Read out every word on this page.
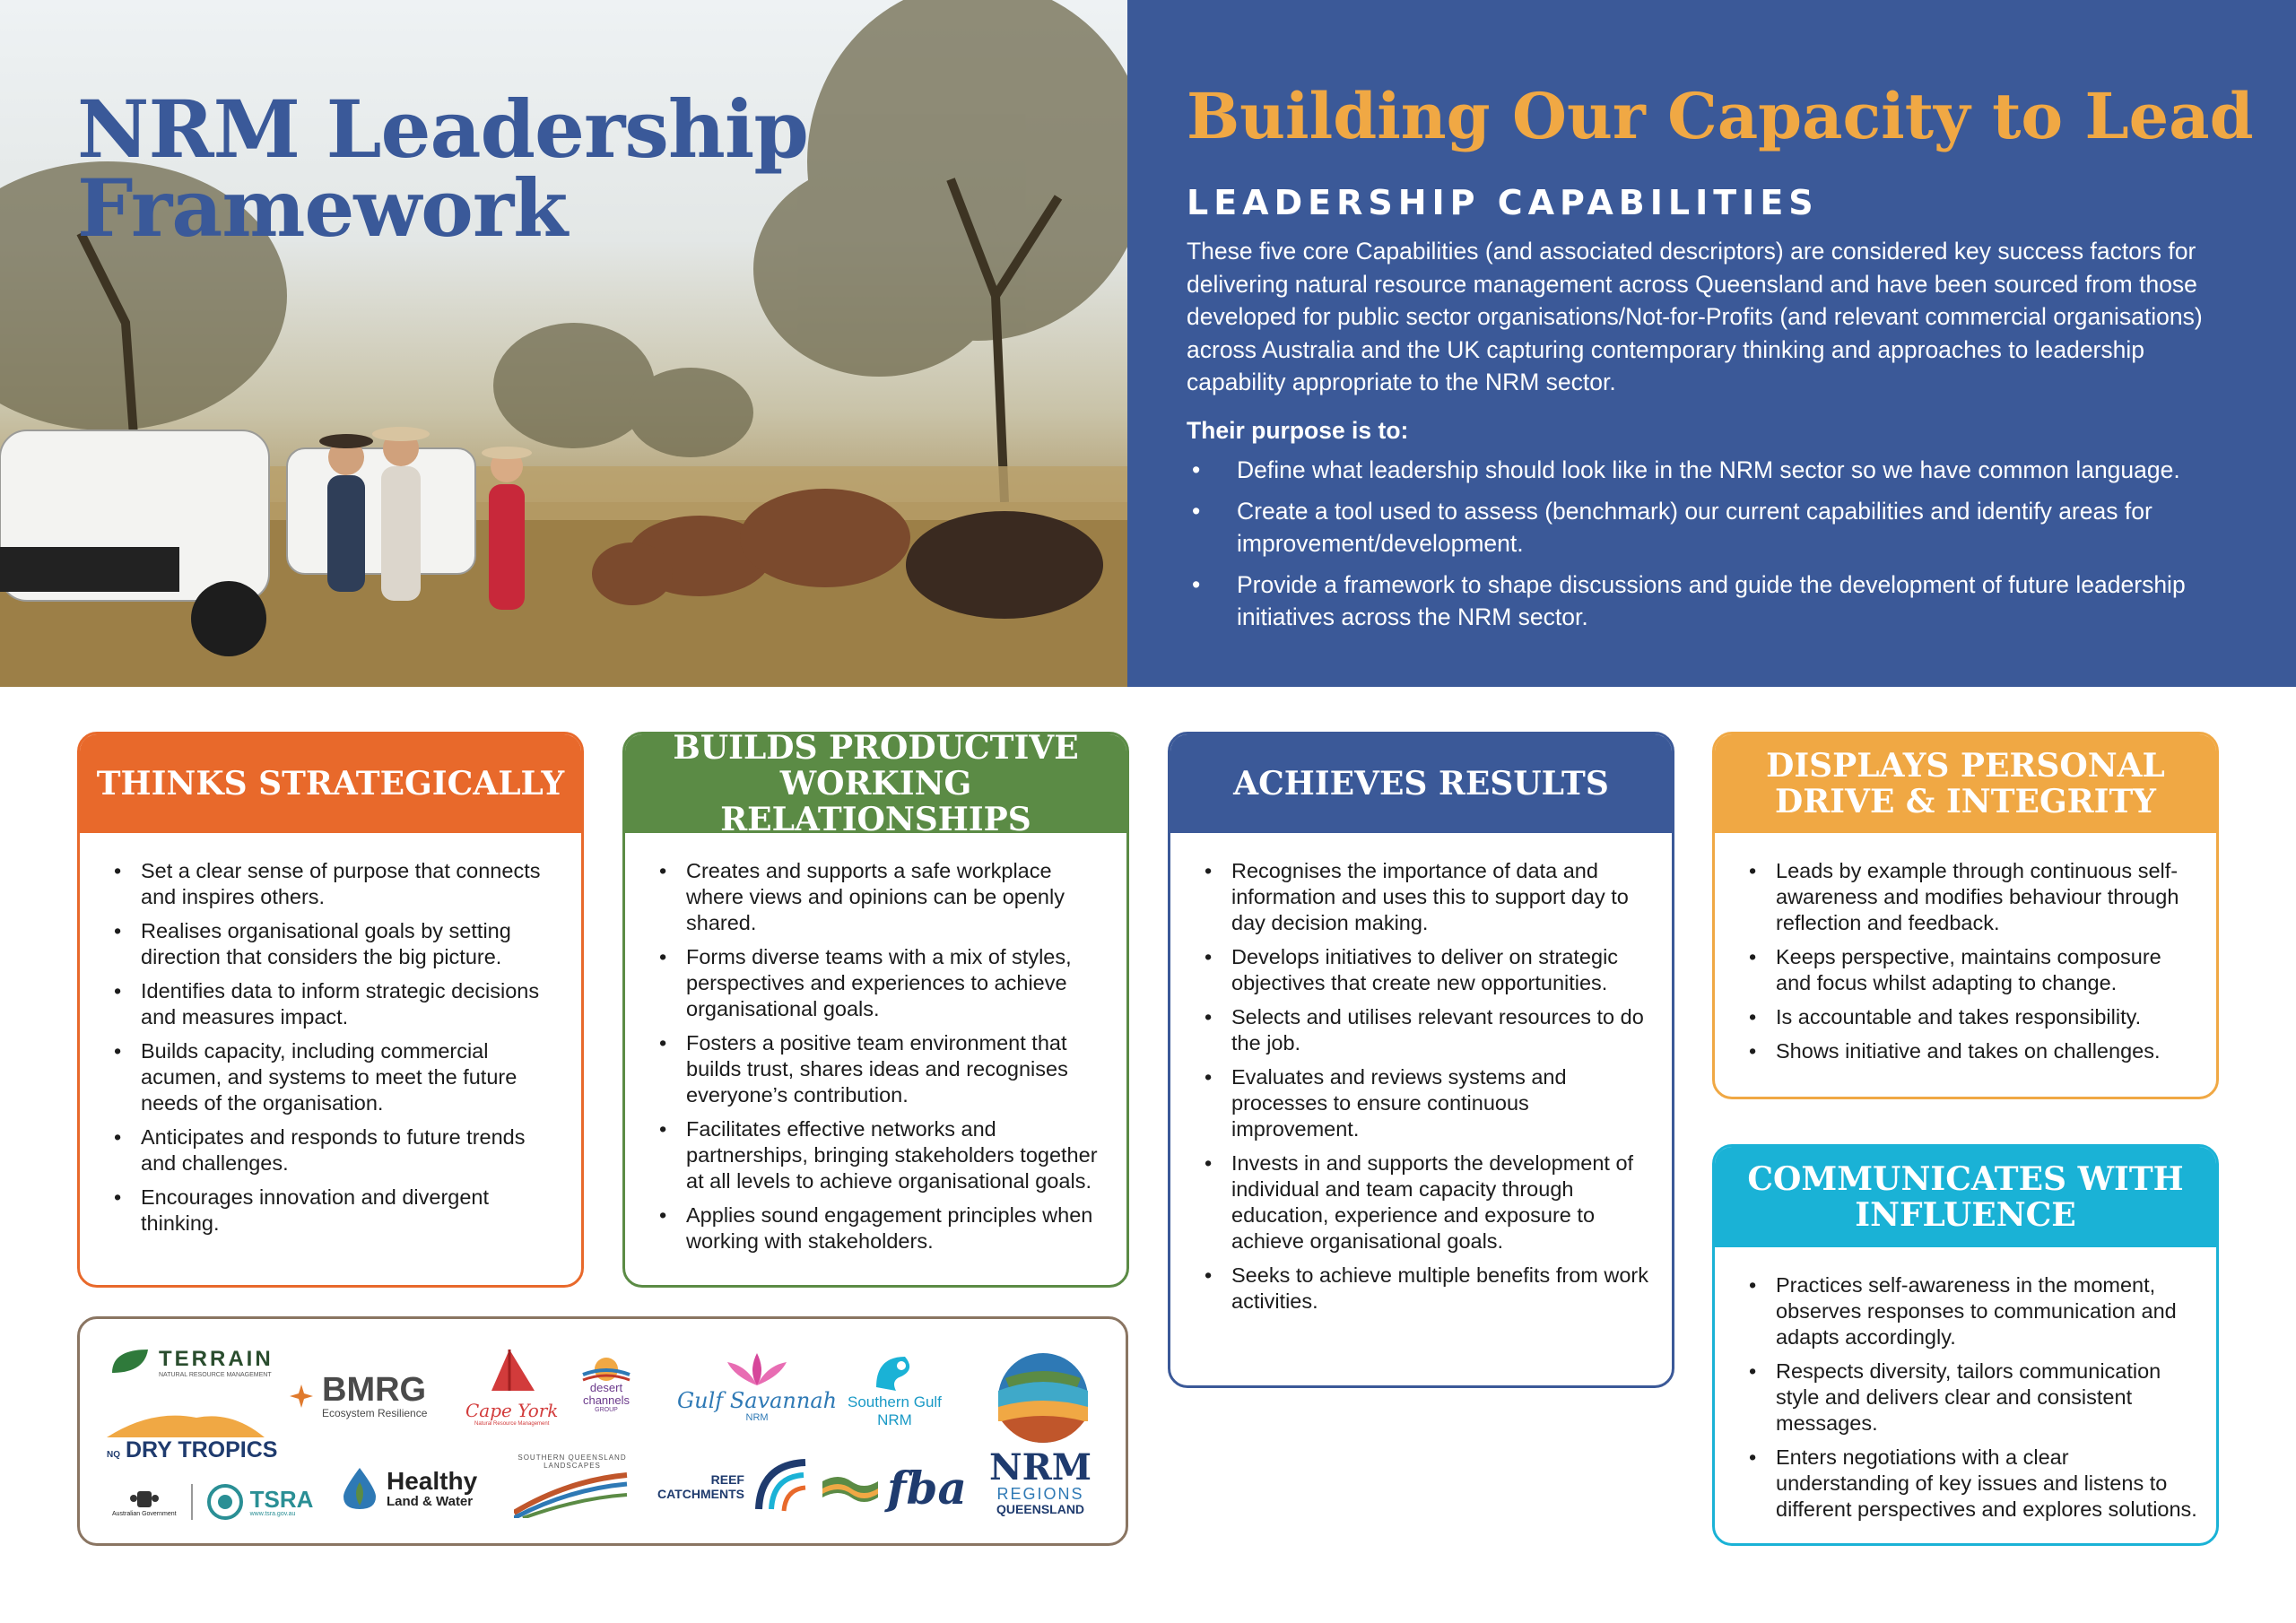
NRM Leadership
Framework
Building Our Capacity to Lead
LEADERSHIP CAPABILITIES

These five core Capabilities (and associated descriptors) are considered key success factors for delivering natural resource management across Queensland and have been sourced from those developed for public sector organisations/Not-for-Profits (and relevant commercial organisations) across Australia and the UK capturing contemporary thinking and approaches to leadership capability appropriate to the NRM sector.

Their purpose is to:

• Define what leadership should look like in the NRM sector so we have common language.
• Create a tool used to assess (benchmark) our current capabilities and identify areas for improvement/development.
• Provide a framework to shape discussions and guide the development of future leadership initiatives across the NRM sector.
THINKS STRATEGICALLY
• Set a clear sense of purpose that connects and inspires others.
• Realises organisational goals by setting direction that considers the big picture.
• Identifies data to inform strategic decisions and measures impact.
• Builds capacity, including commercial acumen, and systems to meet the future needs of the organisation.
• Anticipates and responds to future trends and challenges.
• Encourages innovation and divergent thinking.
BUILDS PRODUCTIVE WORKING RELATIONSHIPS
• Creates and supports a safe workplace where views and opinions can be openly shared.
• Forms diverse teams with a mix of styles, perspectives and experiences to achieve organisational goals.
• Fosters a positive team environment that builds trust, shares ideas and recognises everyone’s contribution.
• Facilitates effective networks and partnerships, bringing stakeholders together at all levels to achieve organisational goals.
• Applies sound engagement principles when working with stakeholders.
ACHIEVES RESULTS
• Recognises the importance of data and information and uses this to support day to day decision making.
• Develops initiatives to deliver on strategic objectives that create new opportunities.
• Selects and utilises relevant resources to do the job.
• Evaluates and reviews systems and processes to ensure continuous improvement.
• Invests in and supports the development of individual and team capacity through education, experience and exposure to achieve organisational goals.
• Seeks to achieve multiple benefits from work activities.
DISPLAYS PERSONAL DRIVE & INTEGRITY
• Leads by example through continuous self-awareness and modifies behaviour through reflection and feedback.
• Keeps perspective, maintains composure and focus whilst adapting to change.
• Is accountable and takes responsibility.
• Shows initiative and takes on challenges.
COMMUNICATES WITH INFLUENCE
• Practices self-awareness in the moment, observes responses to communication and adapts accordingly.
• Respects diversity, tailors communication style and delivers clear and consistent messages.
• Enters negotiations with a clear understanding of key issues and listens to different perspectives and explores solutions.
TERRAIN
NATURAL RESOURCE MANAGEMENT BMRG
Ecosystem Resilience Cape York
Natural Resource Management
desert channels
GROUP	Gulf Savannah
NRM
Southern Gulf
NRM
NQ DRY TROPICS	NRM
REGIONS
QUEENSLAND
Australian Government
TSRA
www.tsra.gov.au
Healthy
Land & Water
SOUTHERN QUEENSLAND LANDSCAPES
REEF
CATCHMENTS	fba
